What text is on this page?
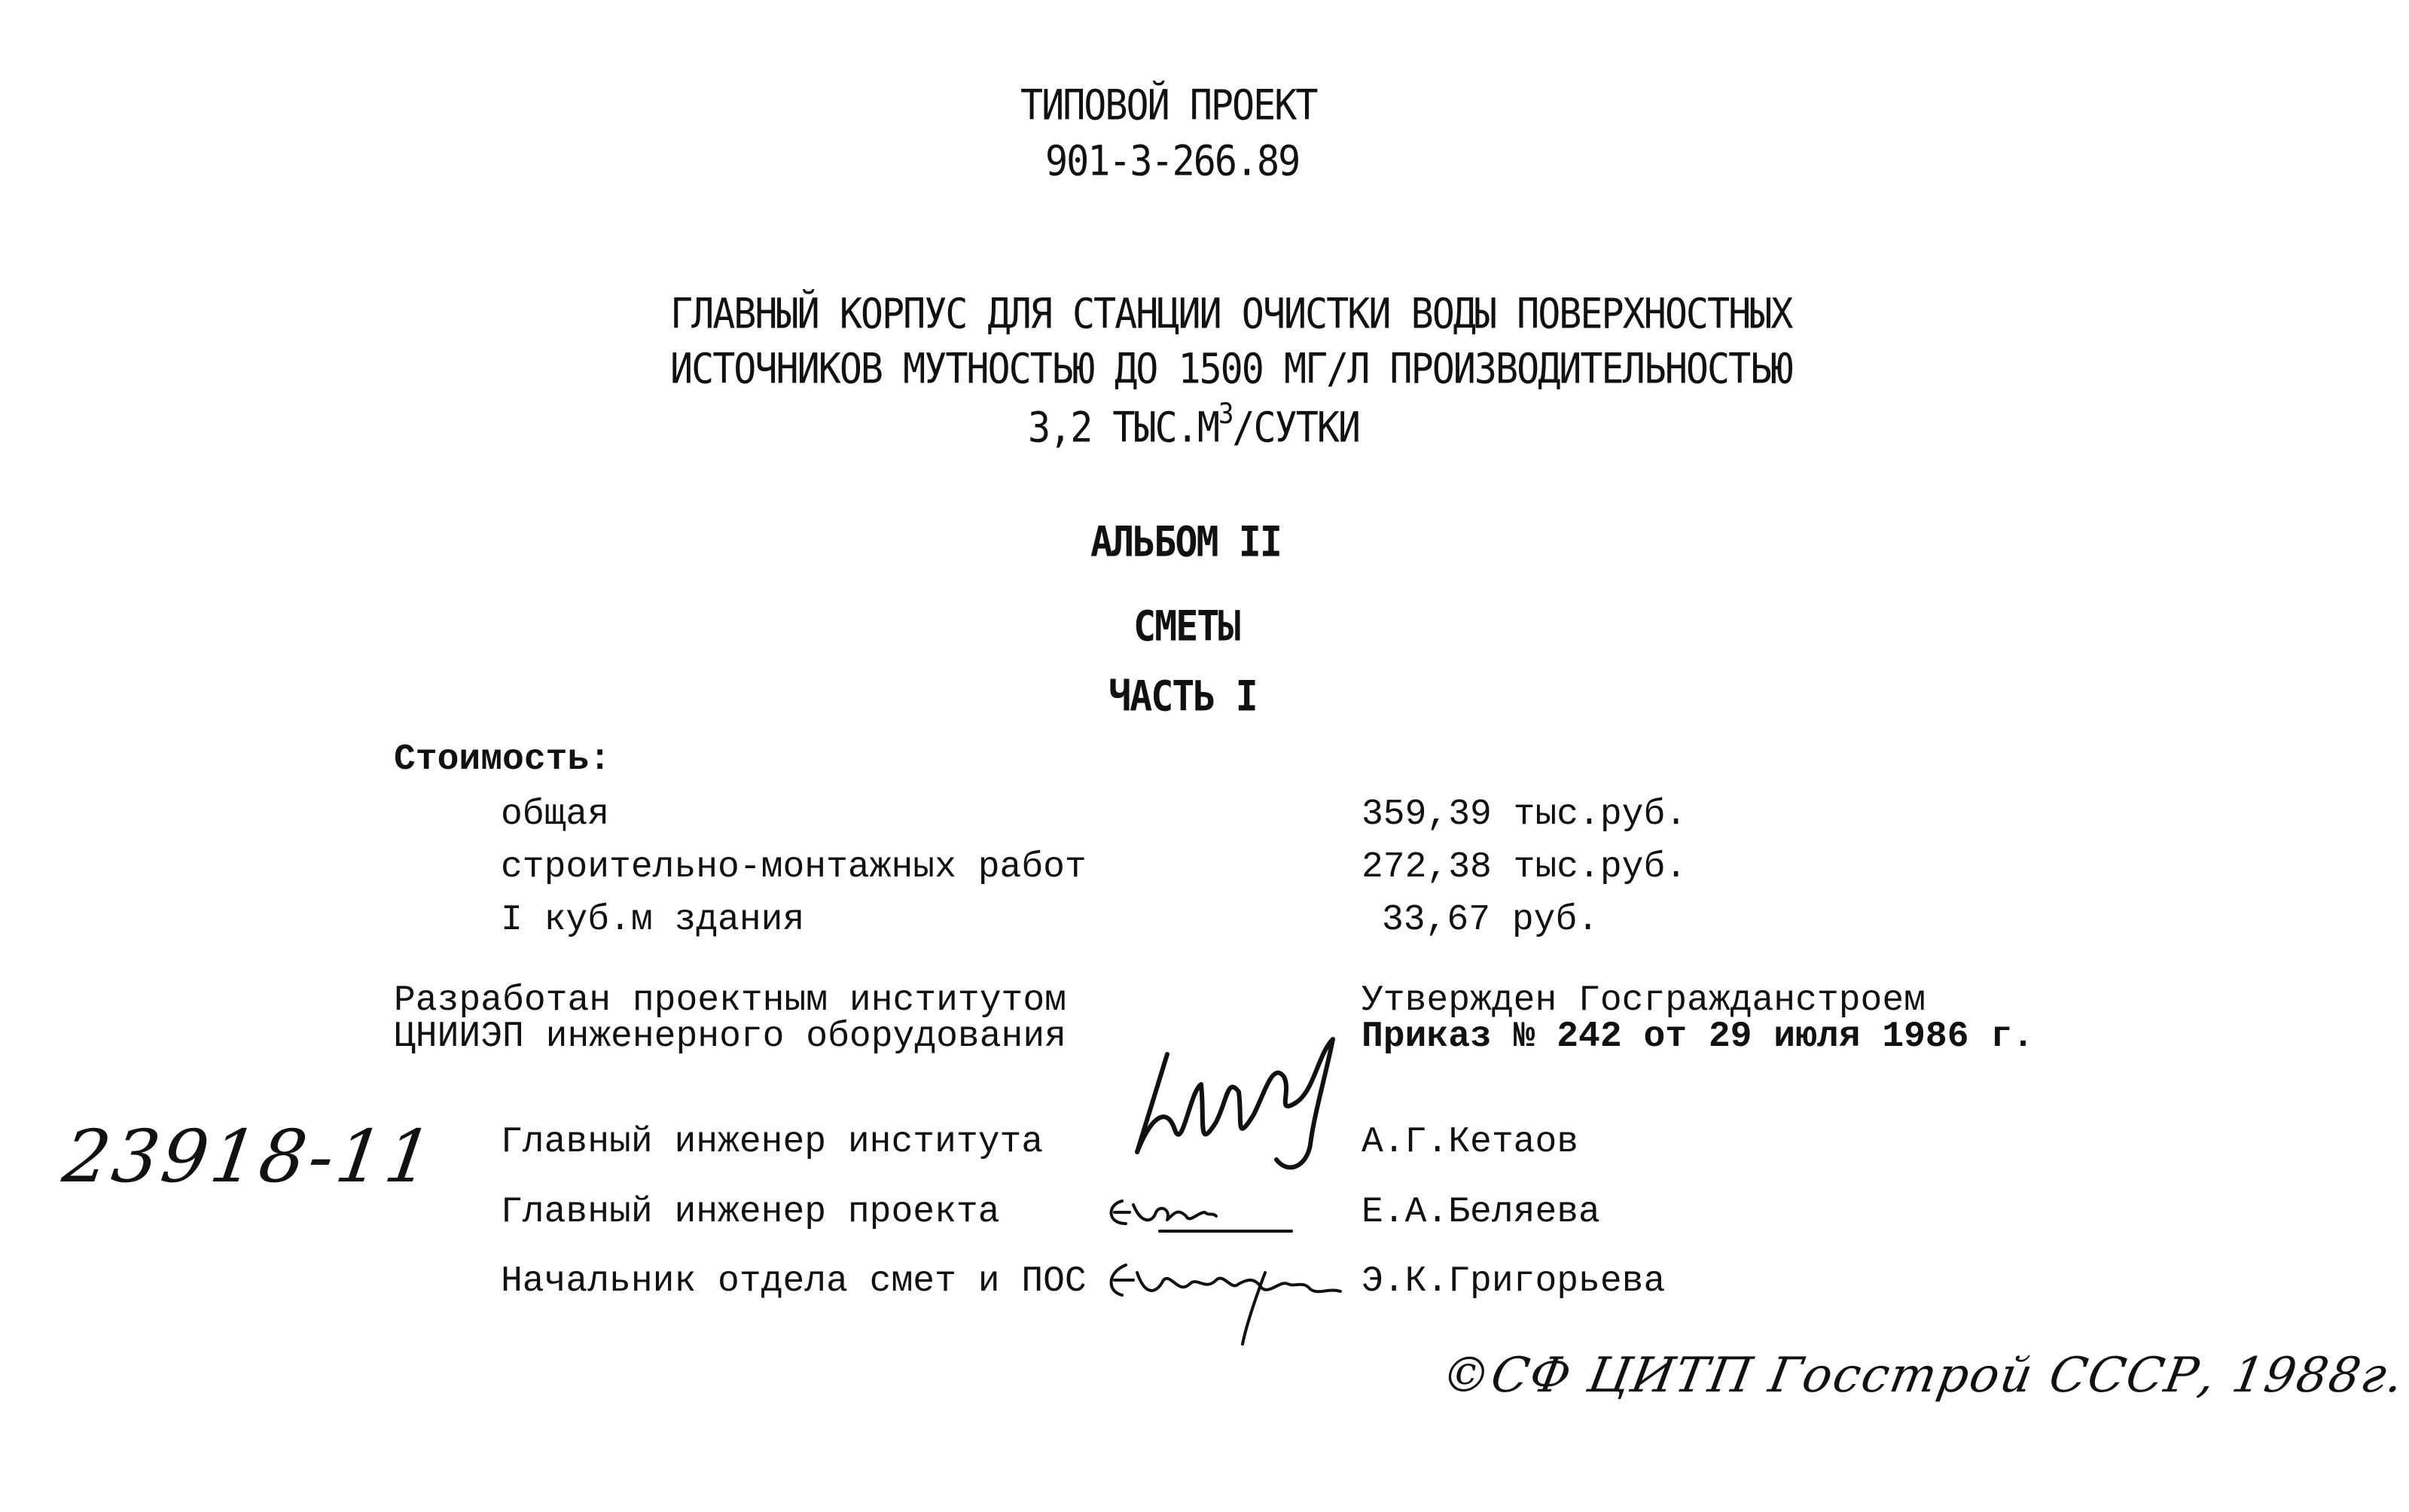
ТИПОВОЙ ПРОЕКТ
901-3-266.89
ГЛАВНЫЙ КОРПУС ДЛЯ СТАНЦИИ ОЧИСТКИ ВОДЫ ПОВЕРХНОСТНЫХ
ИСТОЧНИКОВ МУТНОСТЬЮ ДО 1500 МГ/Л ПРОИЗВОДИТЕЛЬНОСТЬЮ
3,2 $ТЫС.М^3$/СУТКИ
АЛЬБОМ II
СМЕТЫ
ЧАСТЬ I
Стоимость:
общая	359,39 тыс.руб.
строительно-монтажных работ	272,38 тыс.руб.
I куб.м здания	33,67 руб.
Разработан проектным институтом
ЦНИИЭП инженерного оборудования
Утвержден Госгражданстроем
Приказ № 242 от 29 июля 1986 г.
23918-11 Главный инженер института	А.Г.Кетаов
Главный инженер проекта	Е.А.Беляева
Начальник отдела смет и ПОС	Э.К.Григорьева
©СФ ЦИТП Госстрой СССР, 1988г.
